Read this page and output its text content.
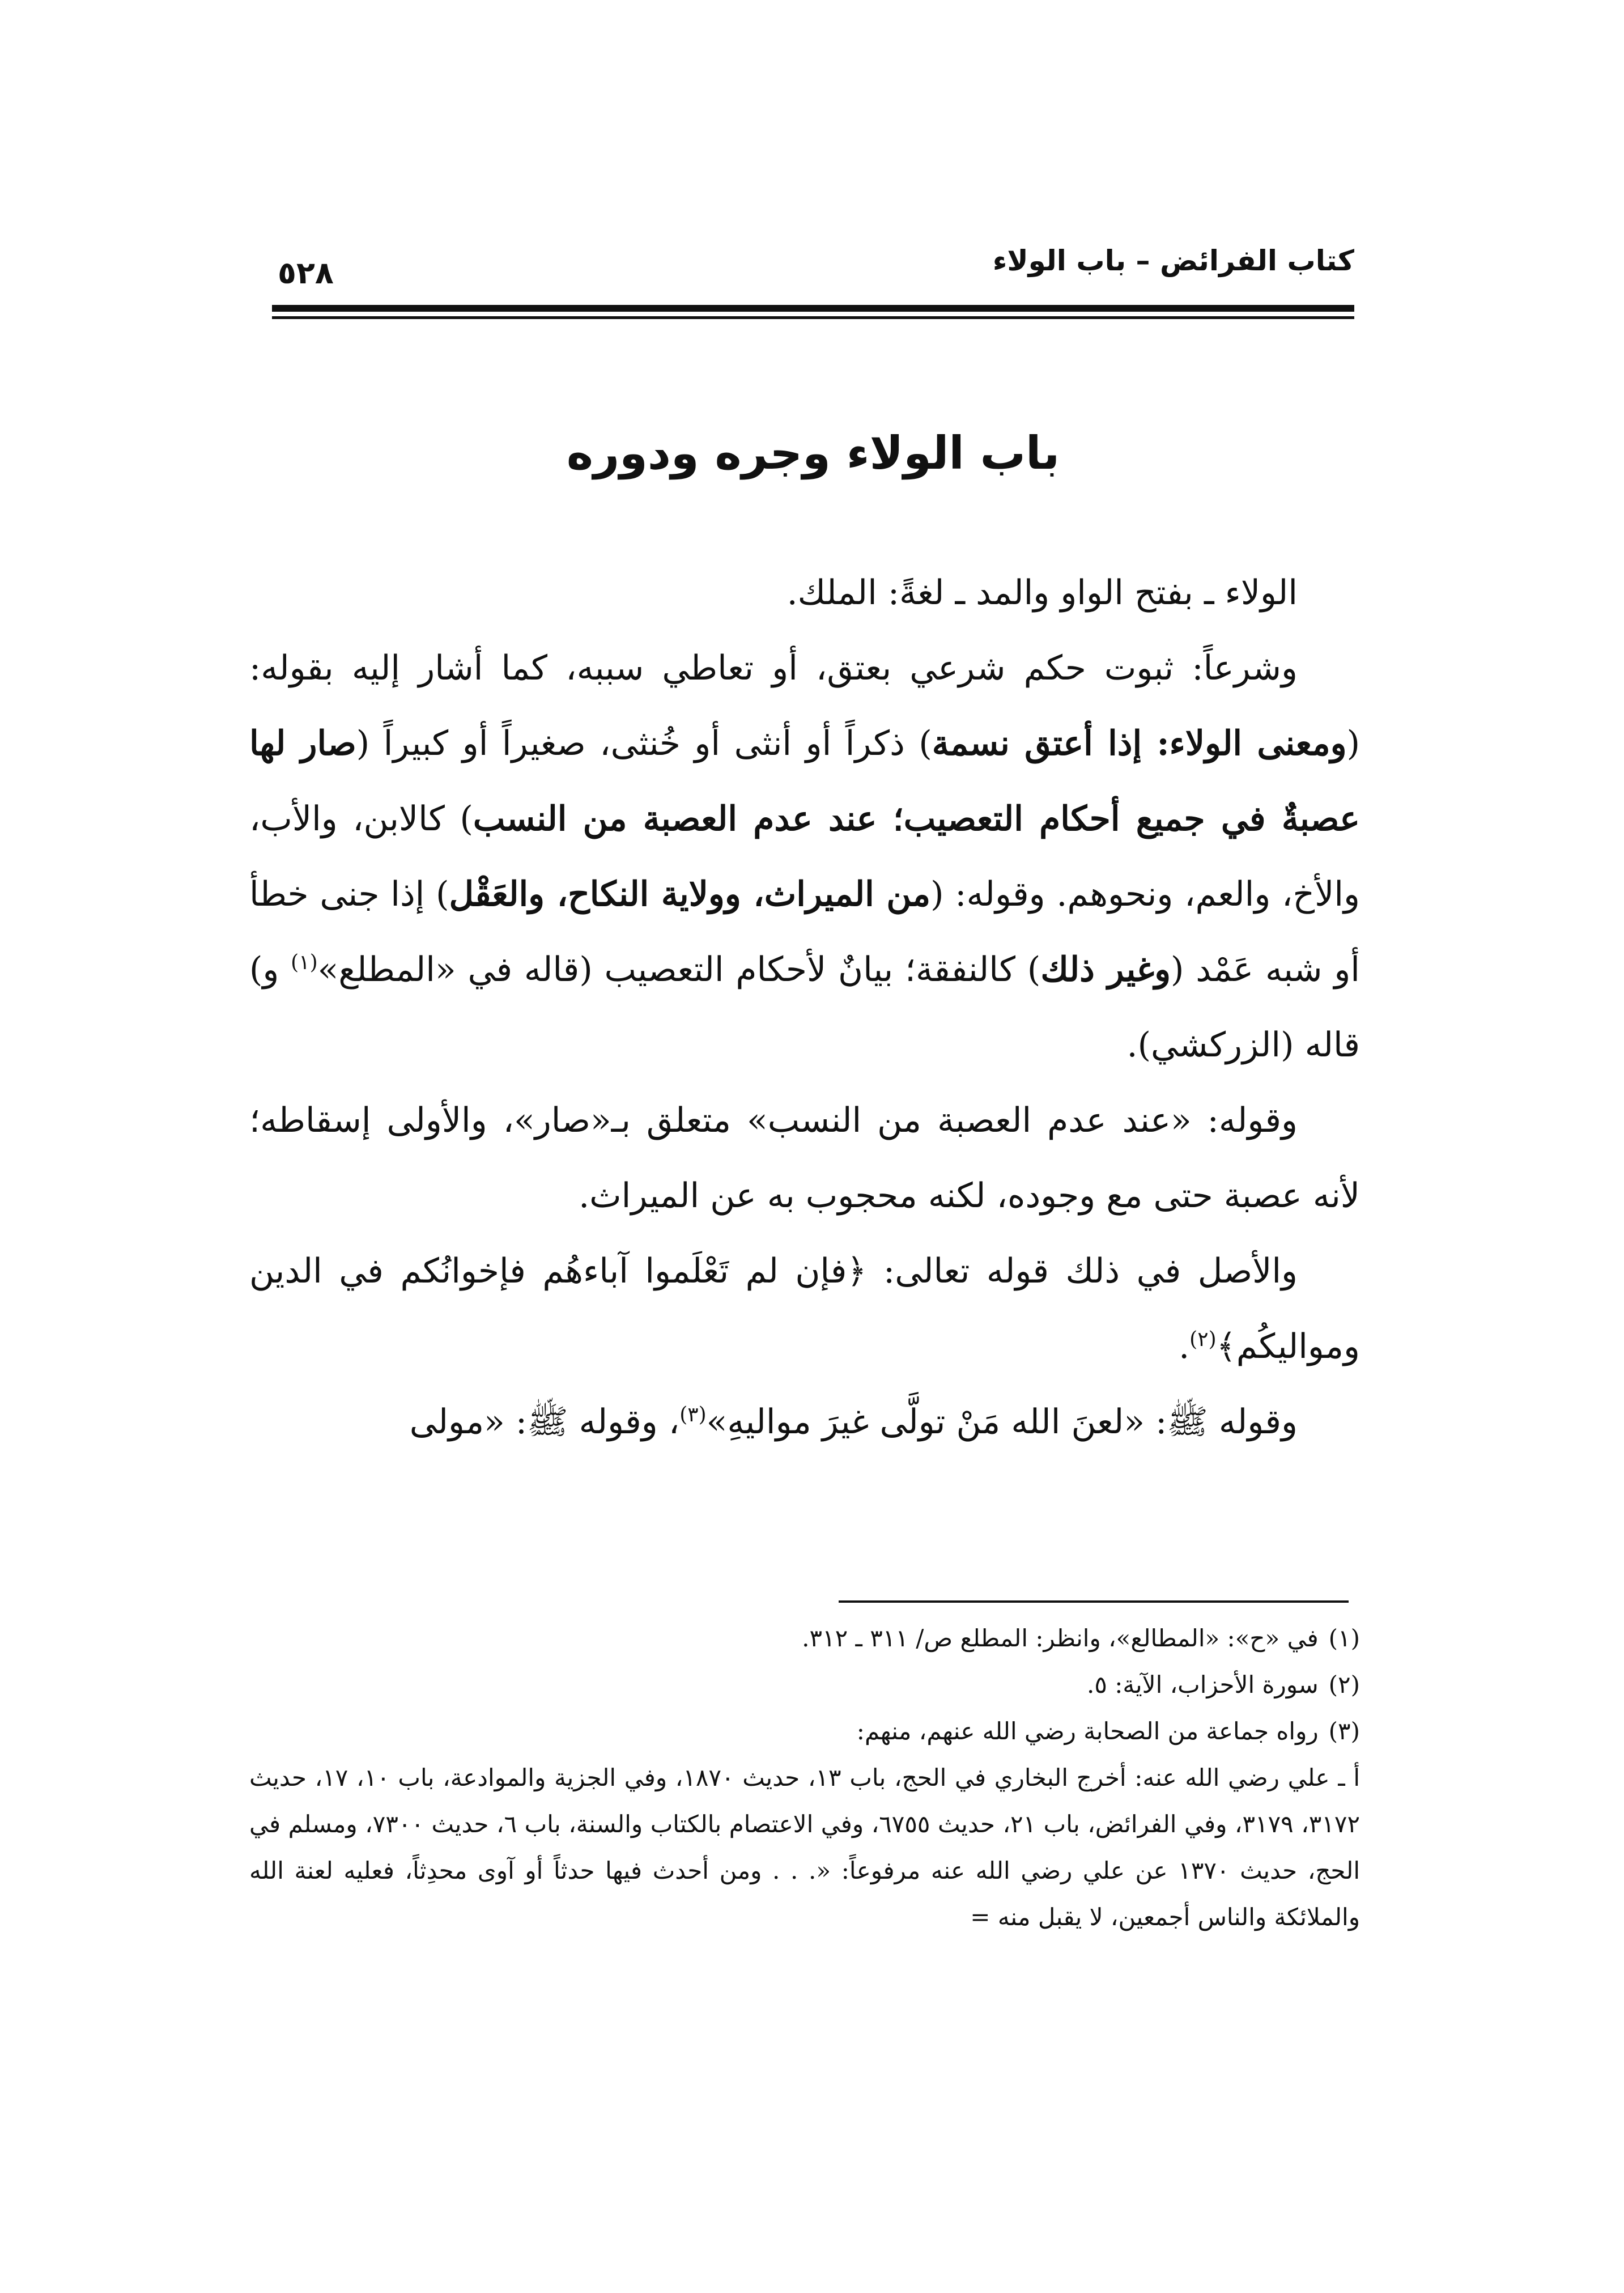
كتاب الفرائض – باب الولاء
٥٢٨
باب الولاء وجره ودوره

الولاء ـ بفتح الواو والمد ـ لغةً: الملك.

وشرعاً: ثبوت حكم شرعي بعتق، أو تعاطي سببه، كما أشار إليه بقوله: (ومعنى الولاء: إذا أعتق نسمة) ذكراً أو أنثى أو خُنثى، صغيراً أو كبيراً (صار لها عصبةٌ في جميع أحكام التعصيب؛ عند عدم العصبة من النسب) كالابن، والأب، والأخ، والعم، ونحوهم. وقوله: (من الميراث، وولاية النكاح، والعَقْل) إذا جنى خطأ أو شبه عَمْد (وغير ذلك) كالنفقة؛ بيانٌ لأحكام التعصيب (قاله في «المطلع»$^{(١)}$ و) قاله (الزركشي).

وقوله: «عند عدم العصبة من النسب» متعلق بـ«صار»، والأولى إسقاطه؛ لأنه عصبة حتى مع وجوده، لكنه محجوب به عن الميراث.

والأصل في ذلك قوله تعالى: ﴿فإن لم تَعْلَموا آباءهُم فإخوانُكم في الدين ومواليكُم﴾$^{(٢)}$.

وقوله ﷺ: «لعنَ الله مَنْ تولَّى غيرَ مواليهِ»$^{(٣)}$، وقوله ﷺ: «مولى

(١)في «ح»: «المطالع»، وانظر: المطلع ص/ ٣١١ ـ ٣١٢.

(٢)سورة الأحزاب، الآية: ٥.

(٣)رواه جماعة من الصحابة رضي الله عنهم، منهم:

أ ـ علي رضي الله عنه: أخرج البخاري في الحج، باب ١٣، حديث ١٨٧٠، وفي الجزية والموادعة، باب ١٠، ١٧، حديث ٣١٧٢، ٣١٧٩، وفي الفرائض، باب ٢١، حديث ٦٧٥٥، وفي الاعتصام بالكتاب والسنة، باب ٦، حديث ٧٣٠٠، ومسلم في الحج، حديث ١٣٧٠ عن علي رضي الله عنه مرفوعاً: «. . . ومن أحدث فيها حدثاً أو آوى محدِثاً، فعليه لعنة الله والملائكة والناس أجمعين، لا يقبل منه =
